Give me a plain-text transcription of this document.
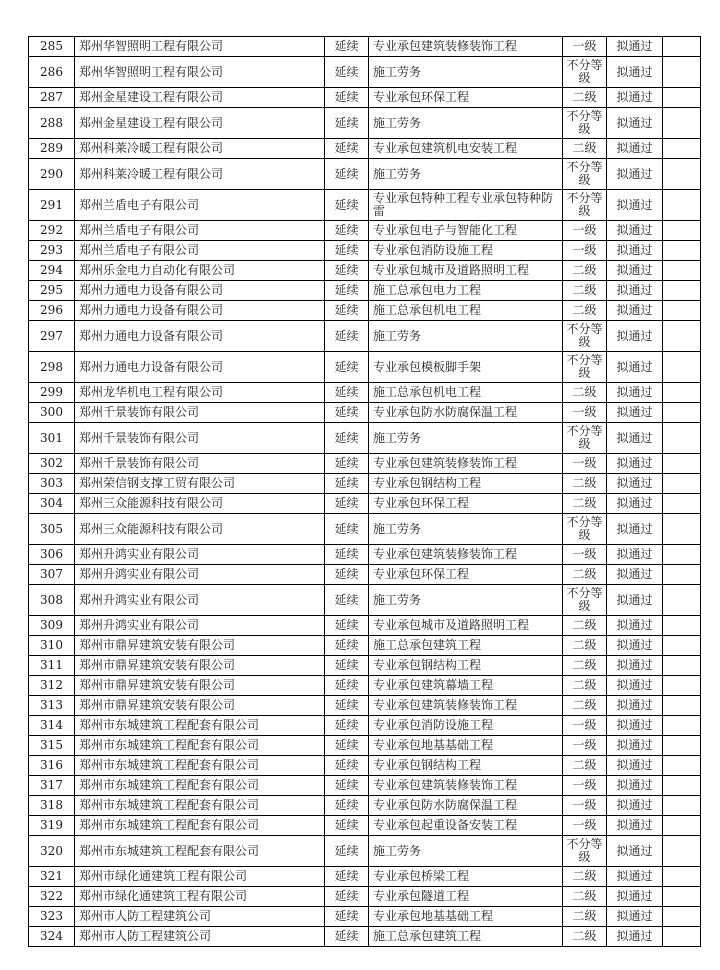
285	郑州华智照明工程有限公司	延续	专业承包建筑装修装饰工程	一级	拟通过	
286	郑州华智照明工程有限公司	延续	施工劳务	不分等级	拟通过	
287	郑州金星建设工程有限公司	延续	专业承包环保工程	二级	拟通过	
288	郑州金星建设工程有限公司	延续	施工劳务	不分等级	拟通过	
289	郑州科莱冷暖工程有限公司	延续	专业承包建筑机电安装工程	二级	拟通过	
290	郑州科莱冷暖工程有限公司	延续	施工劳务	不分等级	拟通过	
291	郑州兰盾电子有限公司	延续	专业承包特种工程专业承包特种防雷	不分等级	拟通过	
292	郑州兰盾电子有限公司	延续	专业承包电子与智能化工程	一级	拟通过	
293	郑州兰盾电子有限公司	延续	专业承包消防设施工程	一级	拟通过	
294	郑州乐金电力自动化有限公司	延续	专业承包城市及道路照明工程	二级	拟通过	
295	郑州力通电力设备有限公司	延续	施工总承包电力工程	二级	拟通过	
296	郑州力通电力设备有限公司	延续	施工总承包机电工程	二级	拟通过	
297	郑州力通电力设备有限公司	延续	施工劳务	不分等级	拟通过	
298	郑州力通电力设备有限公司	延续	专业承包模板脚手架	不分等级	拟通过	
299	郑州龙华机电工程有限公司	延续	施工总承包机电工程	二级	拟通过	
300	郑州千景装饰有限公司	延续	专业承包防水防腐保温工程	一级	拟通过	
301	郑州千景装饰有限公司	延续	施工劳务	不分等级	拟通过	
302	郑州千景装饰有限公司	延续	专业承包建筑装修装饰工程	一级	拟通过	
303	郑州荣信钢支撑工贸有限公司	延续	专业承包钢结构工程	二级	拟通过	
304	郑州三众能源科技有限公司	延续	专业承包环保工程	二级	拟通过	
305	郑州三众能源科技有限公司	延续	施工劳务	不分等级	拟通过	
306	郑州升鸿实业有限公司	延续	专业承包建筑装修装饰工程	一级	拟通过	
307	郑州升鸿实业有限公司	延续	专业承包环保工程	二级	拟通过	
308	郑州升鸿实业有限公司	延续	施工劳务	不分等级	拟通过	
309	郑州升鸿实业有限公司	延续	专业承包城市及道路照明工程	二级	拟通过	
310	郑州市鼎昇建筑安装有限公司	延续	施工总承包建筑工程	二级	拟通过	
311	郑州市鼎昇建筑安装有限公司	延续	专业承包钢结构工程	二级	拟通过	
312	郑州市鼎昇建筑安装有限公司	延续	专业承包建筑幕墙工程	二级	拟通过	
313	郑州市鼎昇建筑安装有限公司	延续	专业承包建筑装修装饰工程	二级	拟通过	
314	郑州市东城建筑工程配套有限公司	延续	专业承包消防设施工程	一级	拟通过	
315	郑州市东城建筑工程配套有限公司	延续	专业承包地基基础工程	一级	拟通过	
316	郑州市东城建筑工程配套有限公司	延续	专业承包钢结构工程	二级	拟通过	
317	郑州市东城建筑工程配套有限公司	延续	专业承包建筑装修装饰工程	一级	拟通过	
318	郑州市东城建筑工程配套有限公司	延续	专业承包防水防腐保温工程	一级	拟通过	
319	郑州市东城建筑工程配套有限公司	延续	专业承包起重设备安装工程	一级	拟通过	
320	郑州市东城建筑工程配套有限公司	延续	施工劳务	不分等级	拟通过	
321	郑州市绿化通建筑工程有限公司	延续	专业承包桥梁工程	二级	拟通过	
322	郑州市绿化通建筑工程有限公司	延续	专业承包隧道工程	二级	拟通过	
323	郑州市人防工程建筑公司	延续	专业承包地基基础工程	二级	拟通过	
324	郑州市人防工程建筑公司	延续	施工总承包建筑工程	二级	拟通过	
